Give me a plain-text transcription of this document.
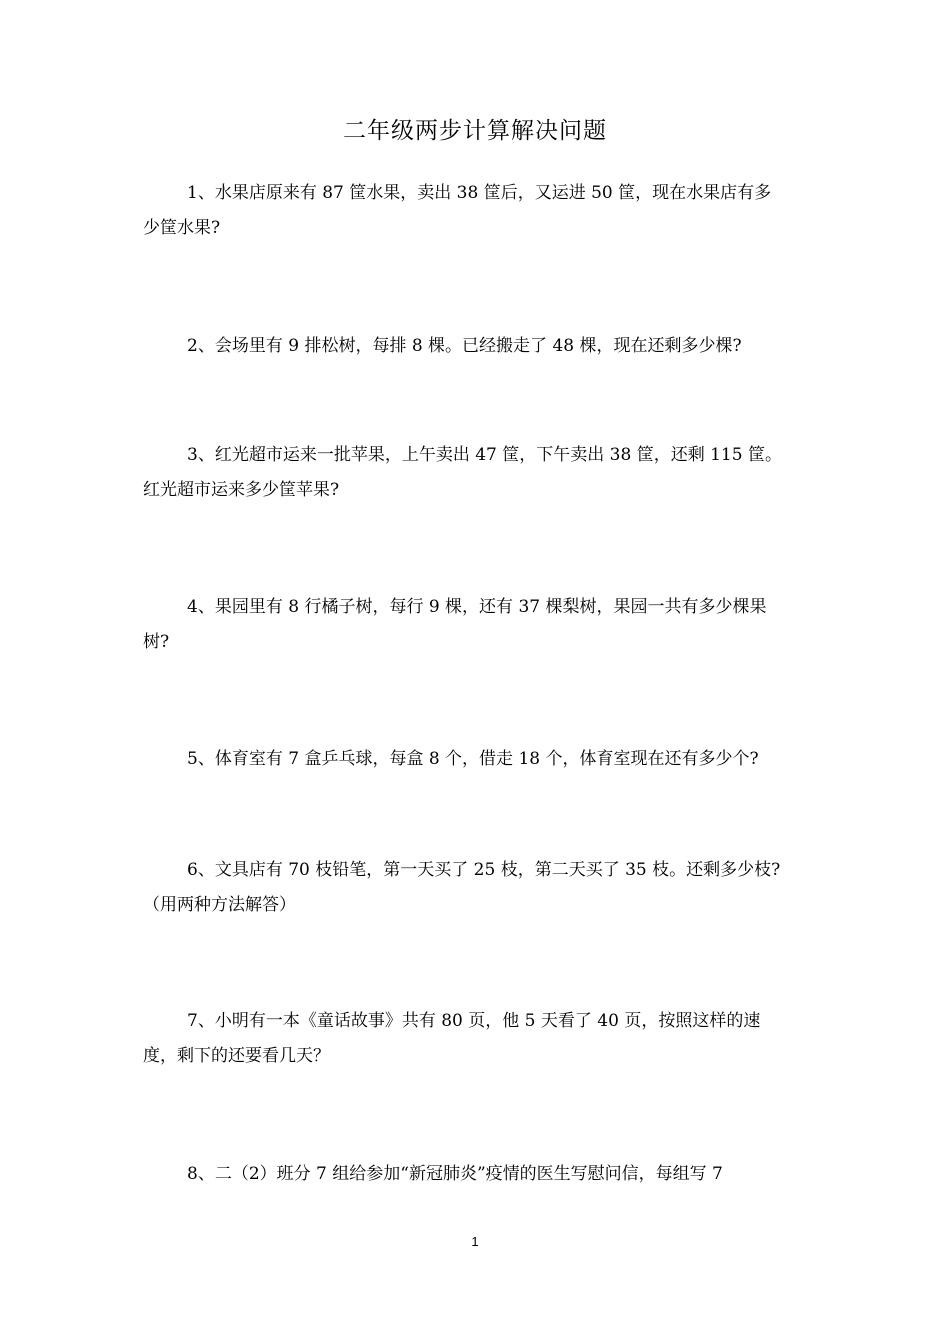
二年级两步计算解决问题
1、水果店原来有 87 筐水果，卖出 38 筐后，又运进 50 筐，现在水果店有多
少筐水果?
2、会场里有 9 排松树，每排 8 棵。已经搬走了 48 棵，现在还剩多少棵?
3、红光超市运来一批苹果，上午卖出 47 筐，下午卖出 38 筐，还剩 115 筐。
红光超市运来多少筐苹果?
4、果园里有 8 行橘子树，每行 9 棵，还有 37 棵梨树，果园一共有多少棵果
树?
5、体育室有 7 盒乒乓球，每盒 8 个，借走 18 个，体育室现在还有多少个?
6、文具店有 70 枝铅笔，第一天买了 25 枝，第二天买了 35 枝。还剩多少枝?
（用两种方法解答）
7、小明有一本《童话故事》共有 80 页，他 5 天看了 40 页，按照这样的速
度，剩下的还要看几天？
8、二（2）班分 7 组给参加“新冠肺炎”疫情的医生写慰问信，每组写 7
1
